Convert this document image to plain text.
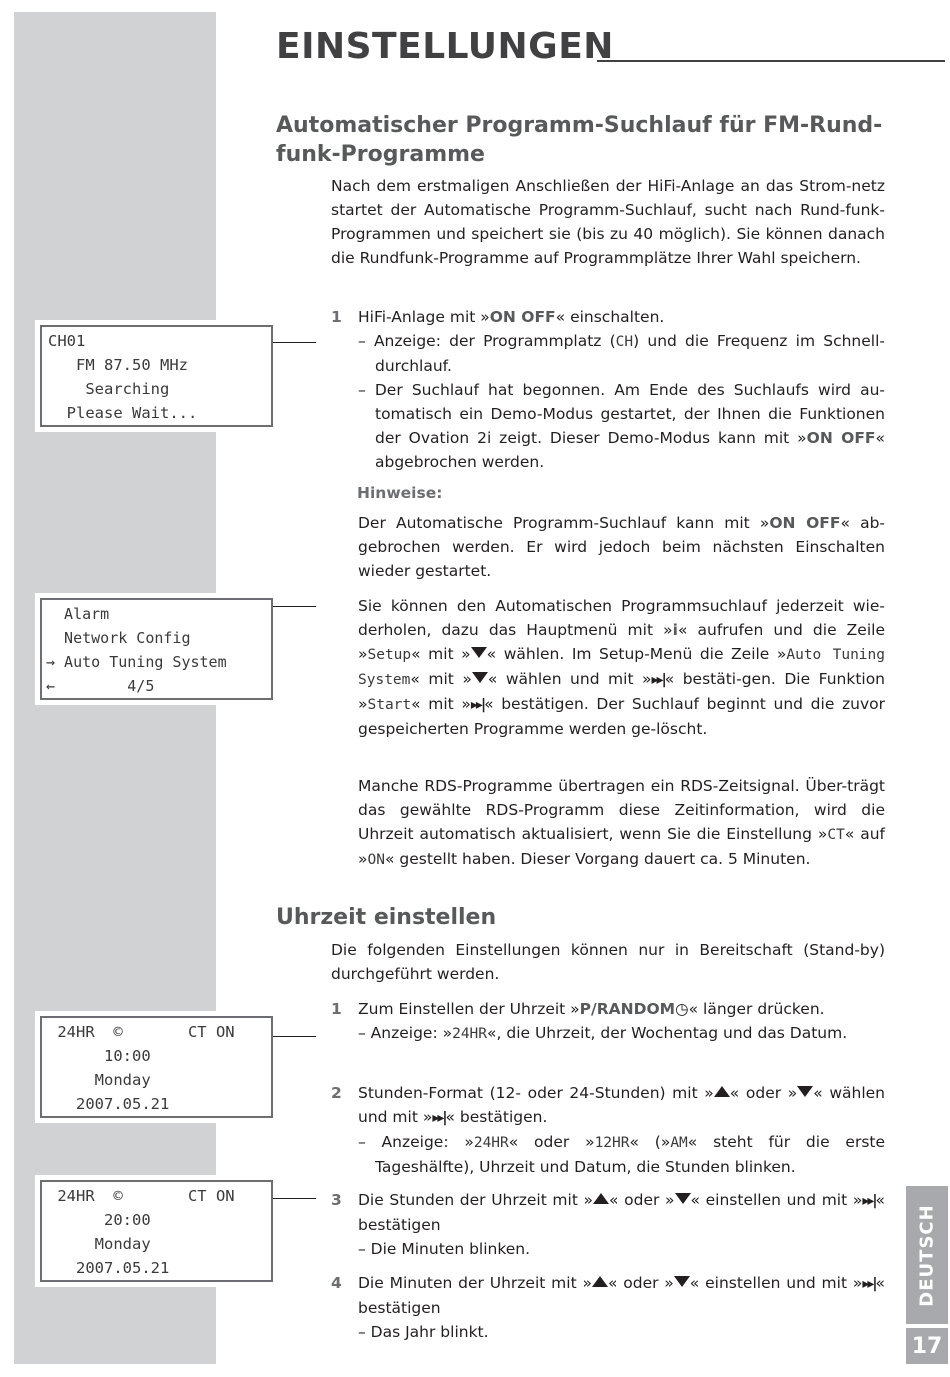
EINSTELLUNGEN
CH01
FM 87.50 MHz
Searching
Please Wait...
Alarm
Network Config
→ Auto Tuning System
←        4/5
24HR  ©       CT ON
10:00
Monday
2007.05.21
24HR  ©       CT ON
20:00
Monday
2007.05.21
Automatischer Programm-Suchlauf für FM-Rund-
funk-Programme
Nach dem erstmaligen Anschließen der HiFi-Anlage an das Strom-netz startet der Automatische Programm-Suchlauf, sucht nach Rund-funk-Programmen und speichert sie (bis zu 40 möglich). Sie können danach die Rundfunk-Programme auf Programmplätze Ihrer Wahl speichern.
1 HiFi-Anlage mit »ON OFF« einschalten.
– Anzeige: der Programmplatz (CH) und die Frequenz im Schnell-durchlauf.
– Der Suchlauf hat begonnen. Am Ende des Suchlaufs wird au-tomatisch ein Demo-Modus gestartet, der Ihnen die Funktionen der Ovation 2i zeigt. Dieser Demo-Modus kann mit »ON OFF« abgebrochen werden.
Hinweise:
Der Automatische Programm-Suchlauf kann mit »ON OFF« ab-gebrochen werden. Er wird jedoch beim nächsten Einschalten wieder gestartet.
Sie können den Automatischen Programmsuchlauf jederzeit wie-derholen, dazu das Hauptmenü mit »i« aufrufen und die Zeile »Setup« mit » « wählen. Im Setup-Menü die Zeile »Auto Tuning System« mit » « wählen und mit »▸▸|« bestäti-gen. Die Funktion »Start« mit »▸▸|« bestätigen. Der Suchlauf beginnt und die zuvor gespeicherten Programme werden ge-löscht.
Manche RDS-Programme übertragen ein RDS-Zeitsignal. Über-trägt das gewählte RDS-Programm diese Zeitinformation, wird die Uhrzeit automatisch aktualisiert, wenn Sie die Einstellung »CT« auf »ON« gestellt haben. Dieser Vorgang dauert ca. 5 Minuten.
Uhrzeit einstellen
Die folgenden Einstellungen können nur in Bereitschaft (Stand-by) durchgeführt werden.
1 Zum Einstellen der Uhrzeit »P/RANDOM◷« länger drücken.
– Anzeige: »24HR«, die Uhrzeit, der Wochentag und das Datum.
2 Stunden-Format (12- oder 24-Stunden) mit » « oder » « wählen und mit »▸▸|« bestätigen.
– Anzeige: »24HR« oder »12HR« (»AM« steht für die erste Tageshälfte), Uhrzeit und Datum, die Stunden blinken.
3 Die Stunden der Uhrzeit mit » « oder » « einstellen und mit »▸▸|« bestätigen
– Die Minuten blinken.
4 Die Minuten der Uhrzeit mit » « oder » « einstellen und mit »▸▸|« bestätigen
– Das Jahr blinkt.
DEUTSCH
17
